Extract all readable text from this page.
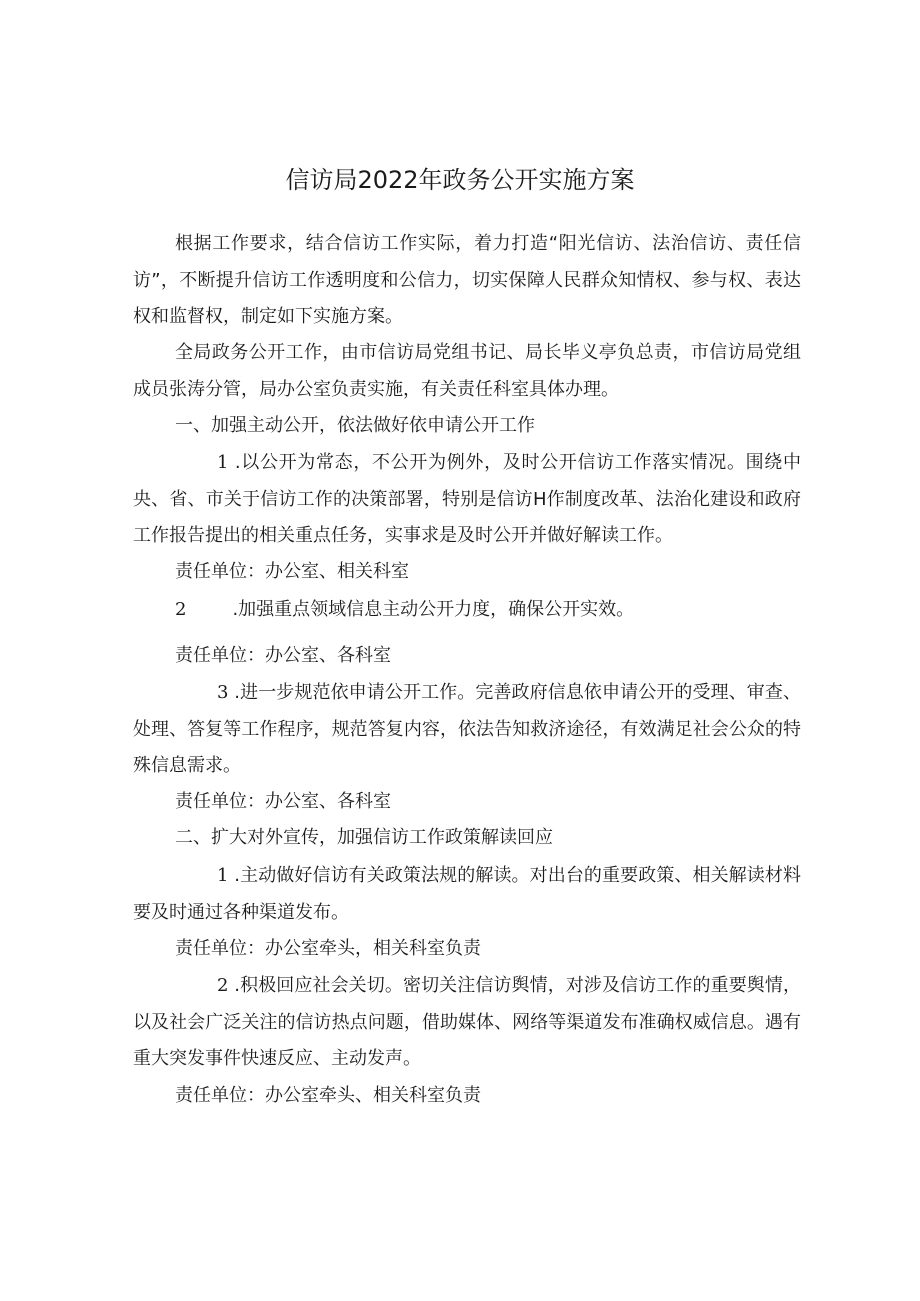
信访局2022年政务公开实施方案

根据工作要求，结合信访工作实际，着力打造“阳光信访、法治信访、责任信访”，不断提升信访工作透明度和公信力，切实保障人民群众知情权、参与权、表达权和监督权，制定如下实施方案。

全局政务公开工作，由市信访局党组书记、局长毕义亭负总责，市信访局党组成员张涛分管，局办公室负责实施，有关责任科室具体办理。

一、加强主动公开，依法做好依申请公开工作

1 .以公开为常态，不公开为例外，及时公开信访工作落实情况。围绕中央、省、市关于信访工作的决策部署，特别是信访H作制度改革、法治化建设和政府工作报告提出的相关重点任务，实事求是及时公开并做好解读工作。

责任单位：办公室、相关科室

2	.加强重点领域信息主动公开力度，确保公开实效。

责任单位：办公室、各科室

3 .进一步规范依申请公开工作。完善政府信息依申请公开的受理、审查、处理、答复等工作程序，规范答复内容，依法告知救济途径，有效满足社会公众的特殊信息需求。

责任单位：办公室、各科室

二、扩大对外宣传，加强信访工作政策解读回应

1 .主动做好信访有关政策法规的解读。对出台的重要政策、相关解读材料要及时通过各种渠道发布。

责任单位：办公室牵头，相关科室负责

2 .积极回应社会关切。密切关注信访舆情，对涉及信访工作的重要舆情，以及社会广泛关注的信访热点问题，借助媒体、网络等渠道发布准确权威信息。遇有重大突发事件快速反应、主动发声。

责任单位：办公室牵头、相关科室负责
